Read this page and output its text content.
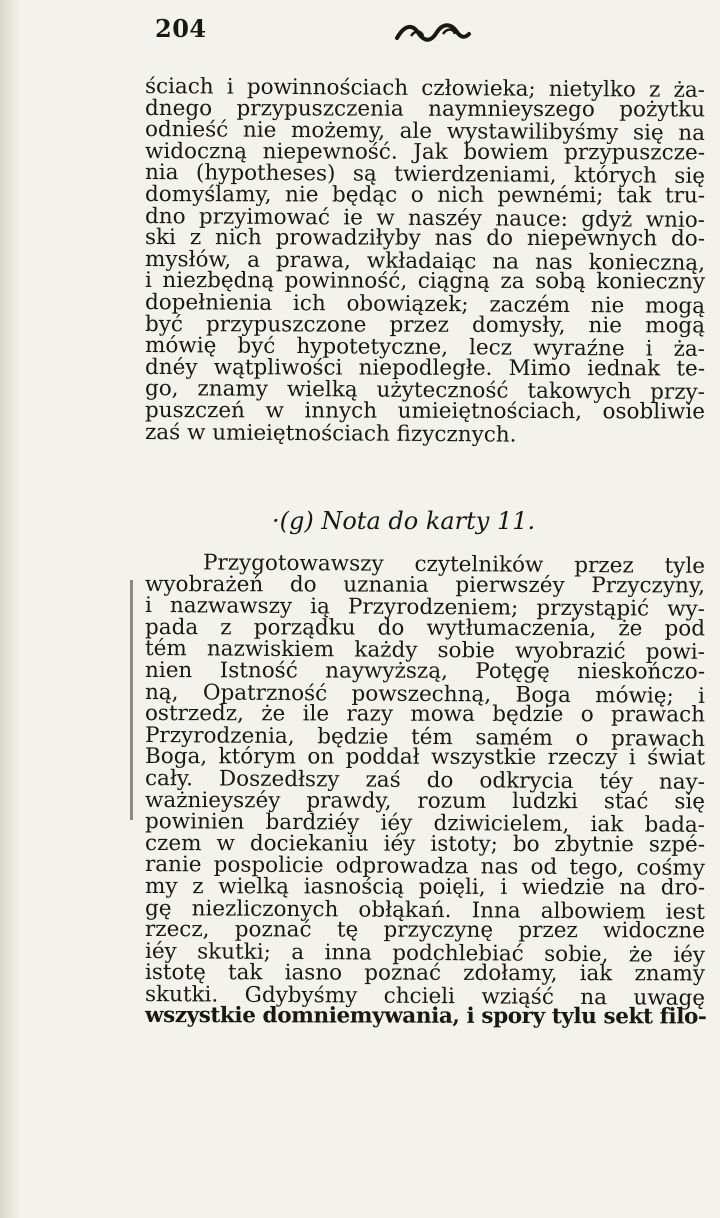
204
ściach i powinnościach człowieka; nietylko z ża-
dnego przypuszczenia naymnieyszego pożytku
odnieść nie możemy, ale wystawilibyśmy się na
widoczną niepewność. Jak bowiem przypuszcze-
nia (hypotheses) są twierdzeniami, których się
domyślamy, nie będąc o nich pewnémi; tak tru-
dno przyimować ie w naszéy nauce: gdyż wnio-
ski z nich prowadziłyby nas do niepewnych do-
mysłów, a prawa, wkładaiąc na nas konieczną,
i niezbędną powinność, ciągną za sobą konieczny
dopełnienia ich obowiązek; zaczém nie mogą
być przypuszczone przez domysły, nie mogą
mówię być hypotetyczne, lecz wyraźne i ża-
dnéy wątpliwości niepodległe. Mimo iednak te-
go, znamy wielką użyteczność takowych przy-
puszczeń w innych umieiętnościach, osobliwie
zaś w umieiętnościach fizycznych.
·(g) Nota do karty 11.
Przygotowawszy czytelników przez tyle
wyobrażeń do uznania pierwszéy Przyczyny,
i nazwawszy ią Przyrodzeniem; przystąpić wy-
pada z porządku do wytłumaczenia, że pod
tém nazwiskiem każdy sobie wyobrazić powi-
nien Istność naywyższą, Potęgę nieskończo-
ną, Opatrzność powszechną, Boga mówię; i
ostrzedz, że ile razy mowa będzie o prawach
Przyrodzenia, będzie tém samém o prawach
Boga, którym on poddał wszystkie rzeczy i świat
cały. Doszedłszy zaś do odkrycia téy nay-
ważnieyszéy prawdy, rozum ludzki stać się
powinien bardziéy iéy dziwicielem, iak bada-
czem w dociekaniu iéy istoty; bo zbytnie szpé-
ranie pospolicie odprowadza nas od tego, cośmy
my z wielką iasnością poięli, i wiedzie na dro-
gę niezliczonych obłąkań. Inna albowiem iest
rzecz, poznać tę przyczynę przez widoczne
iéy skutki; a inna podchlebiać sobie, że iéy
istotę tak iasno poznać zdołamy, iak znamy
skutki. Gdybyśmy chcieli wziąść na uwagę
wszystkie domniemywania, i spory tylu sekt filo-
